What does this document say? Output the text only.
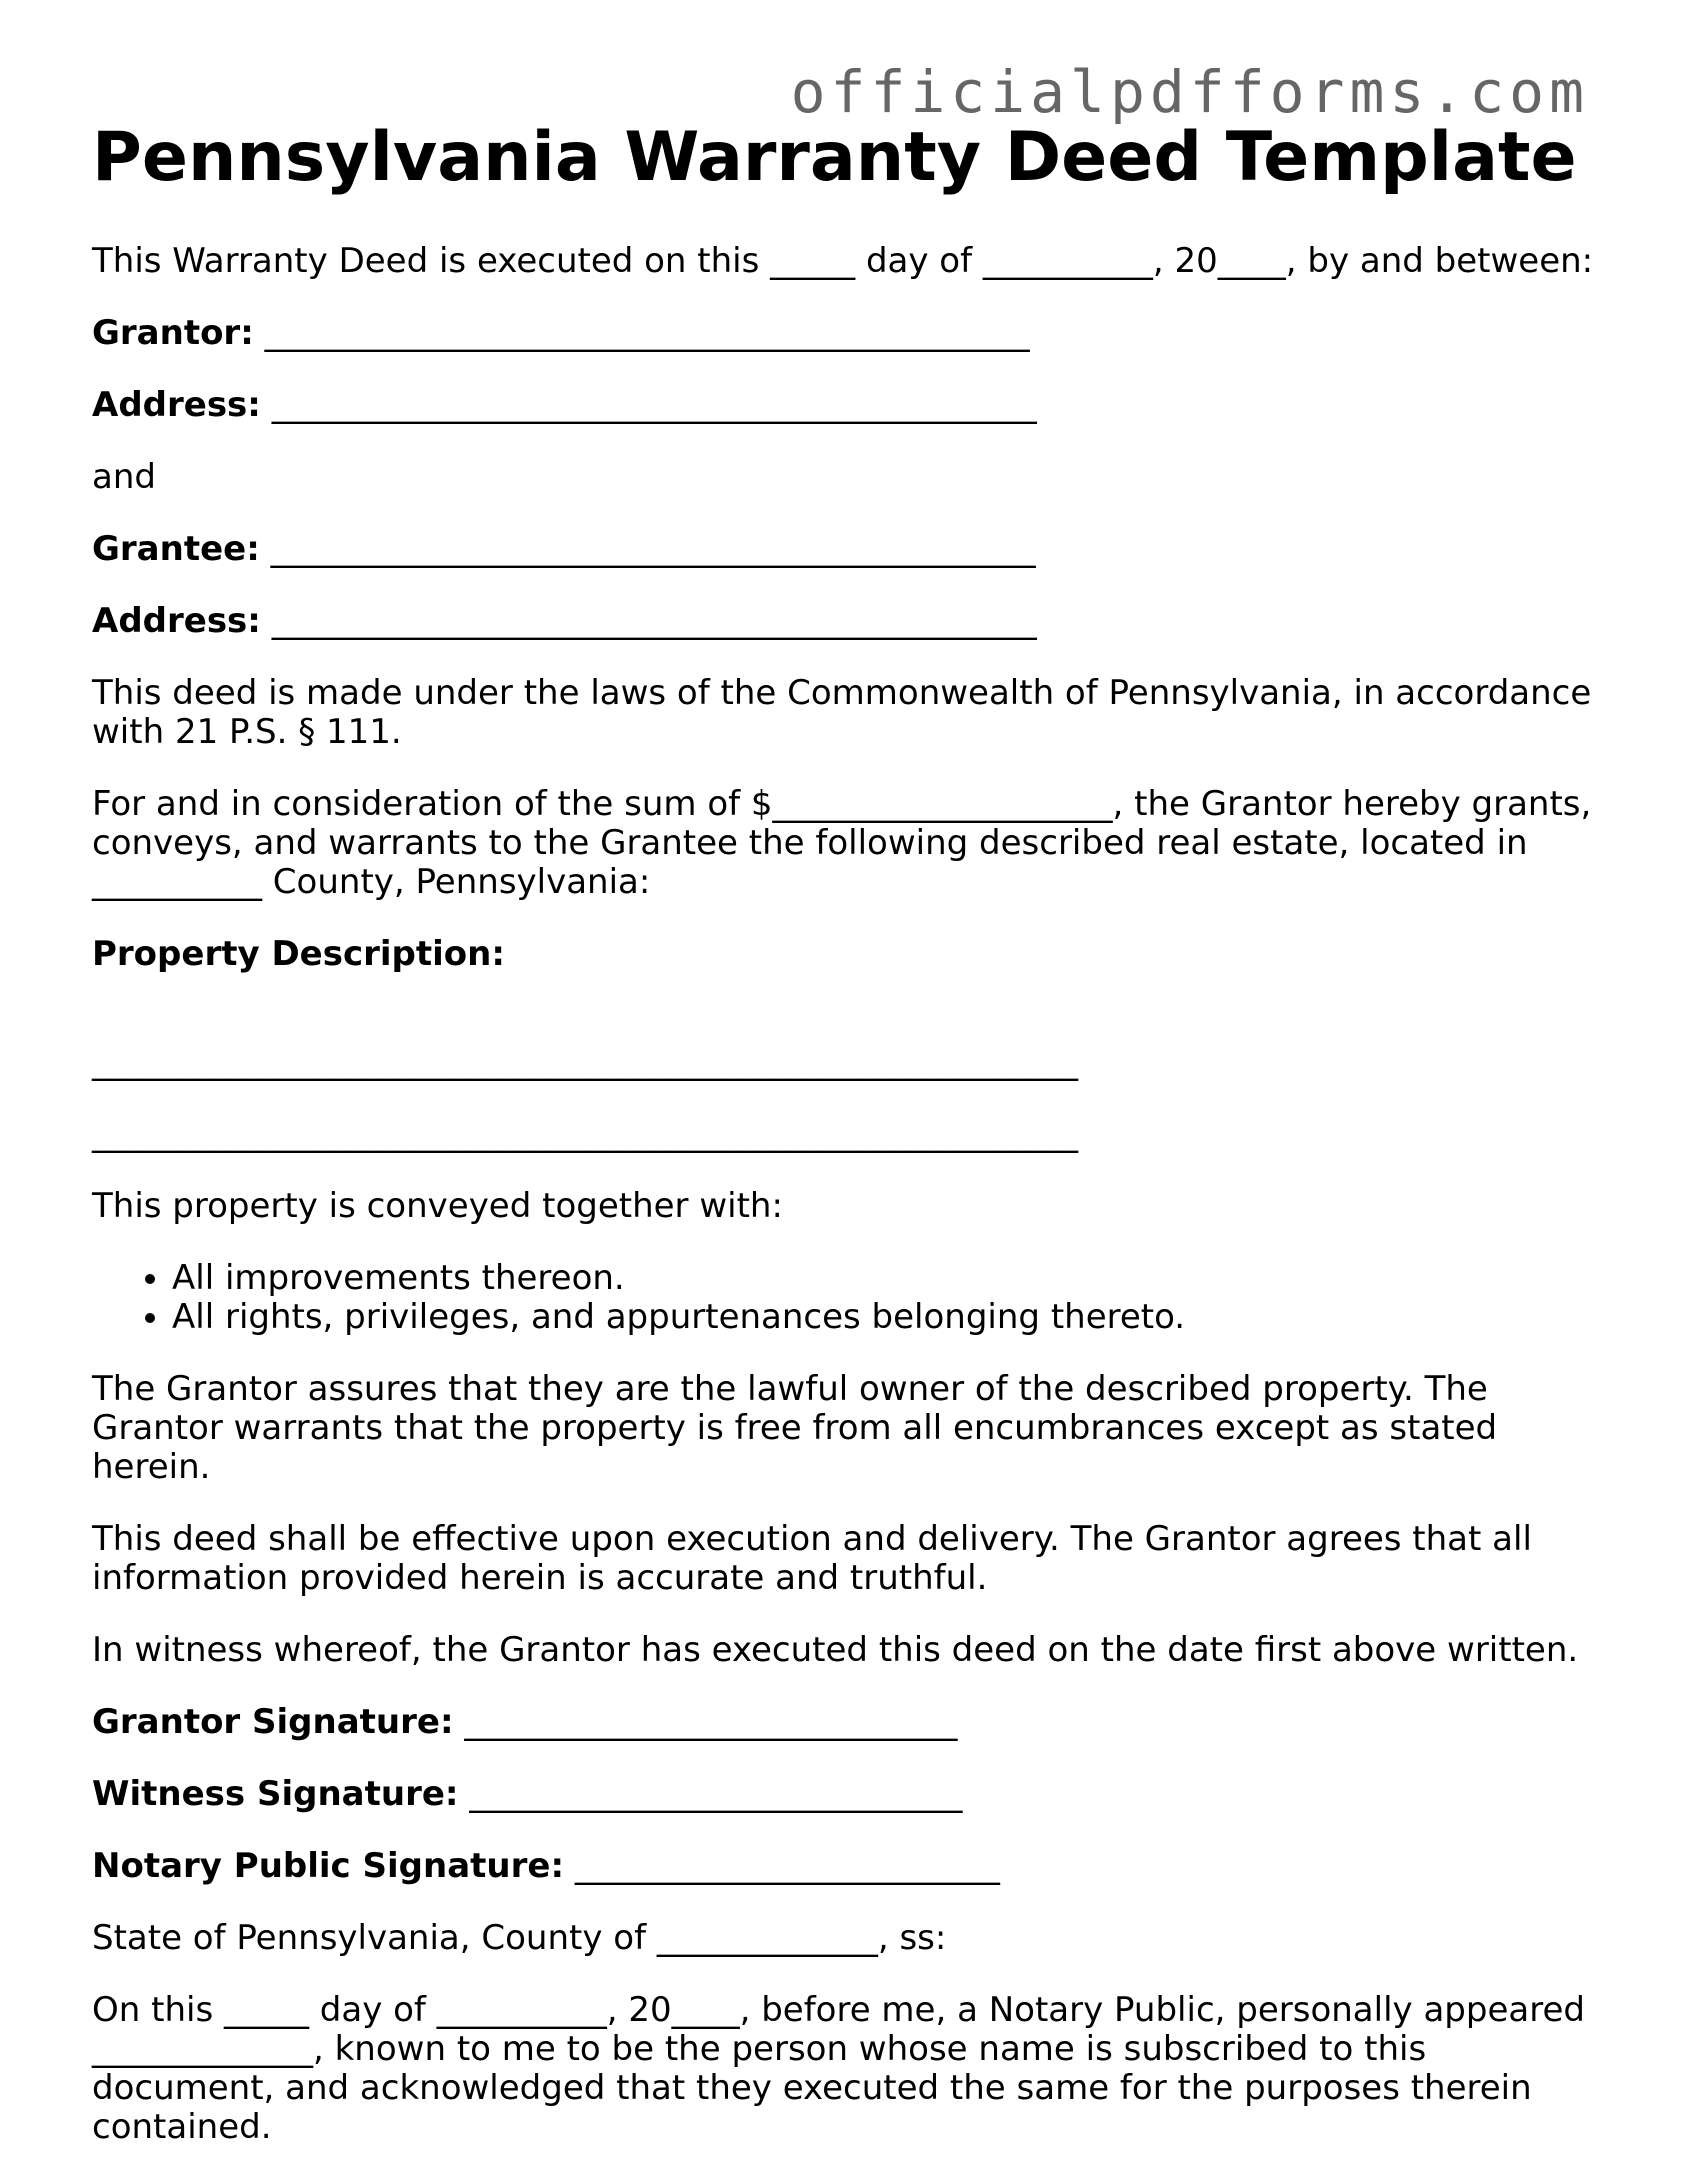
officialpdfforms.com
Pennsylvania Warranty Deed Template

This Warranty Deed is executed on this _____ day of __________, 20____, by and between:

Grantor: _____________________________________________

Address: _____________________________________________

and

Grantee: _____________________________________________

Address: _____________________________________________

This deed is made under the laws of the Commonwealth of Pennsylvania, in accordance with 21 P.S. § 111.

For and in consideration of the sum of $____________________, the Grantor hereby grants, conveys, and warrants to the Grantee the following described real estate, located in __________ County, Pennsylvania:

Property Description:

__________________________________________________________

__________________________________________________________

This property is conveyed together with:

• All improvements thereon.
• All rights, privileges, and appurtenances belonging thereto.

The Grantor assures that they are the lawful owner of the described property. The Grantor warrants that the property is free from all encumbrances except as stated herein.

This deed shall be effective upon execution and delivery. The Grantor agrees that all information provided herein is accurate and truthful.

In witness whereof, the Grantor has executed this deed on the date first above written.

Grantor Signature: _____________________________

Witness Signature: _____________________________

Notary Public Signature: _________________________

State of Pennsylvania, County of _____________, ss:

On this _____ day of __________, 20____, before me, a Notary Public, personally appeared _____________, known to me to be the person whose name is subscribed to this document, and acknowledged that they executed the same for the purposes therein contained.
